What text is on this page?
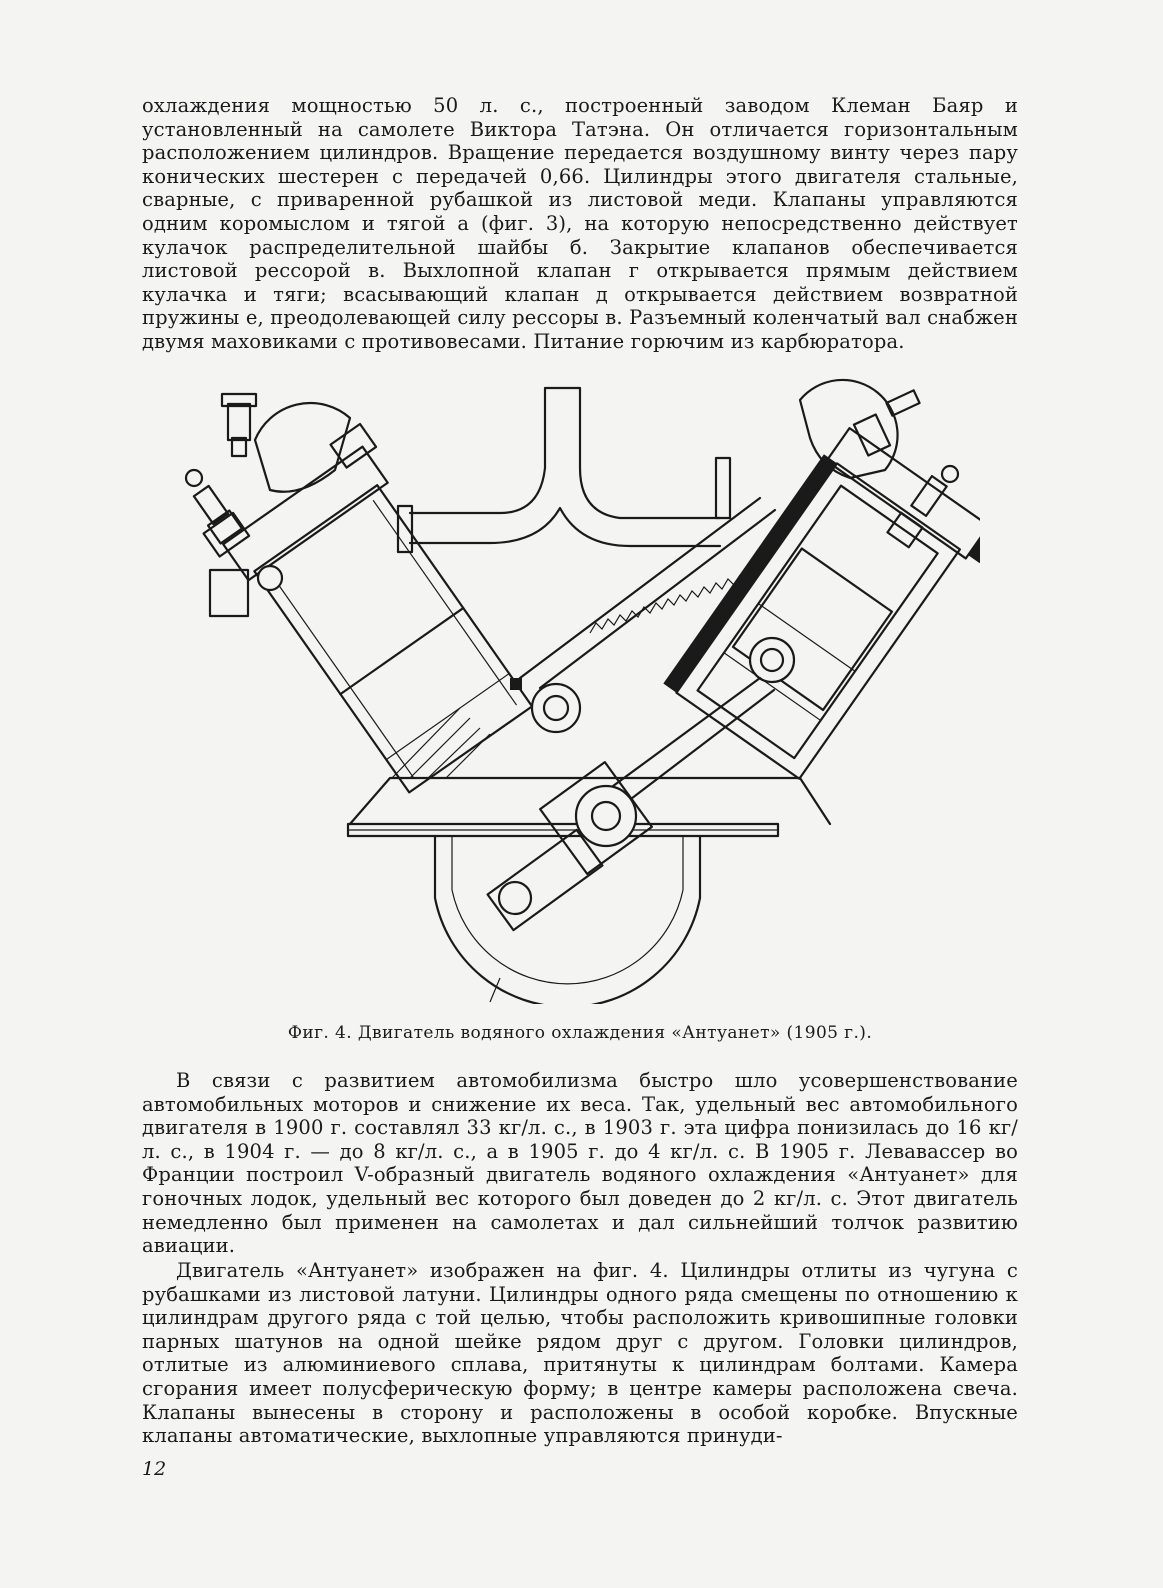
охлаждения мощностью 50 л. с., построенный заводом Клеман Баяр и установленный на самолете Виктора Татэна. Он отличается горизонтальным расположением цилиндров. Вращение передается воздушному винту через пару конических шестерен с передачей 0,66. Цилиндры этого двигателя стальные, сварные, с приваренной рубашкой из листовой меди. Клапаны управляются одним коромыслом и тягой а (фиг. 3), на которую непосредственно действует кулачок распределительной шайбы б. Закрытие клапанов обеспечивается листовой рессорой в. Выхлопной клапан г открывается прямым действием кулачка и тяги; всасывающий клапан д открывается действием возвратной пружины е, преодолевающей силу рессоры в. Разъемный коленчатый вал снабжен двумя маховиками с противовесами. Питание горючим из карбюратора.

Фиг. 4. Двигатель водяного охлаждения «Антуанет» (1905 г.).

В связи с развитием автомобилизма быстро шло усовершенствование автомобильных моторов и снижение их веса. Так, удельный вес автомобильного двигателя в 1900 г. составлял 33 кг/л. с., в 1903 г. эта цифра понизилась до 16 кг/л. с., в 1904 г. — до 8 кг/л. с., а в 1905 г. до 4 кг/л. с. В 1905 г. Левавассер во Франции построил V-образный двигатель водяного охлаждения «Антуанет» для гоночных лодок, удельный вес которого был доведен до 2 кг/л. с. Этот двигатель немедленно был применен на самолетах и дал сильнейший толчок развитию авиации.

Двигатель «Антуанет» изображен на фиг. 4. Цилиндры отлиты из чугуна с рубашками из листовой латуни. Цилиндры одного ряда смещены по отношению к цилиндрам другого ряда с той целью, чтобы расположить кривошипные головки парных шатунов на одной шейке рядом друг с другом. Головки цилиндров, отлитые из алюминиевого сплава, притянуты к цилиндрам болтами. Камера сгорания имеет полусферическую форму; в центре камеры расположена свеча. Клапаны вынесены в сторону и расположены в особой коробке. Впускные клапаны автоматические, выхлопные управляются принуди-

12
